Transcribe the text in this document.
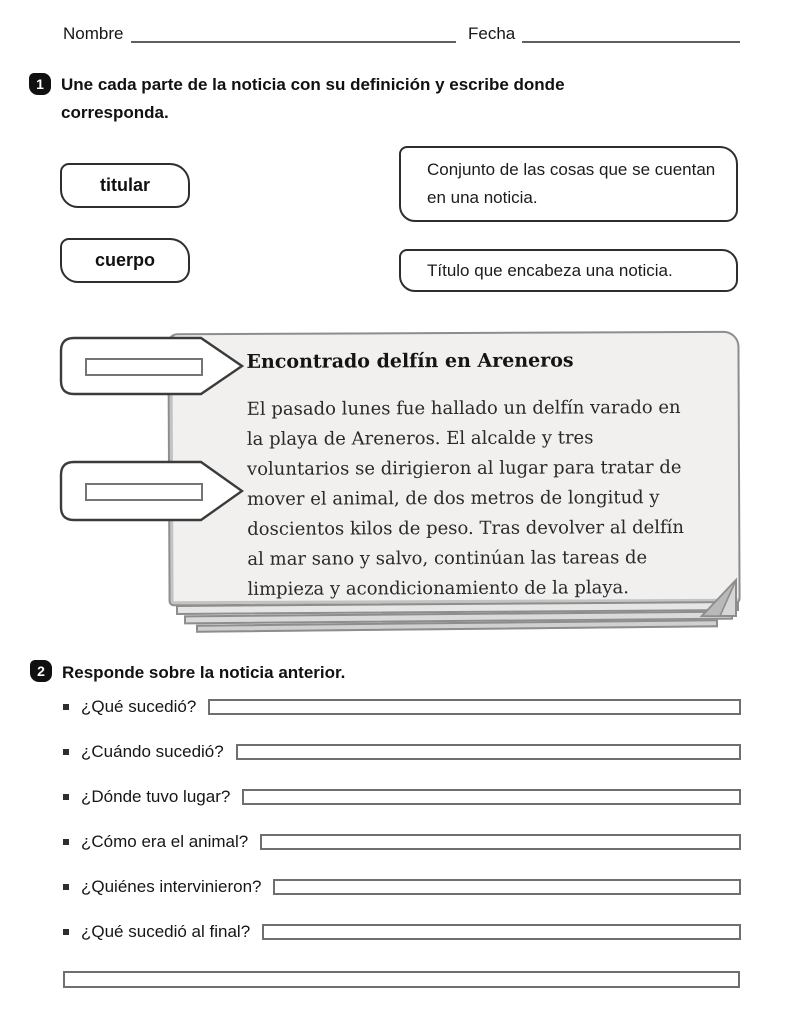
Nombre	Fecha
1	Une cada parte de la noticia con su definición y escribe donde corresponda.
titular
cuerpo
Conjunto de las cosas que se cuentan en una noticia.
Título que encabeza una noticia.
Encontrado delfín en Areneros
El pasado lunes fue hallado un delfín varado en la playa de Areneros. El alcalde y tres voluntarios se dirigieron al lugar para tratar de mover el animal, de dos metros de longitud y doscientos kilos de peso. Tras devolver al delfín al mar sano y salvo, continúan las tareas de limpieza y acondicionamiento de la playa.
2	Responde sobre la noticia anterior.
¿Qué sucedió?
¿Cuándo sucedió?
¿Dónde tuvo lugar?
¿Cómo era el animal?
¿Quiénes intervinieron?
¿Qué sucedió al final?
